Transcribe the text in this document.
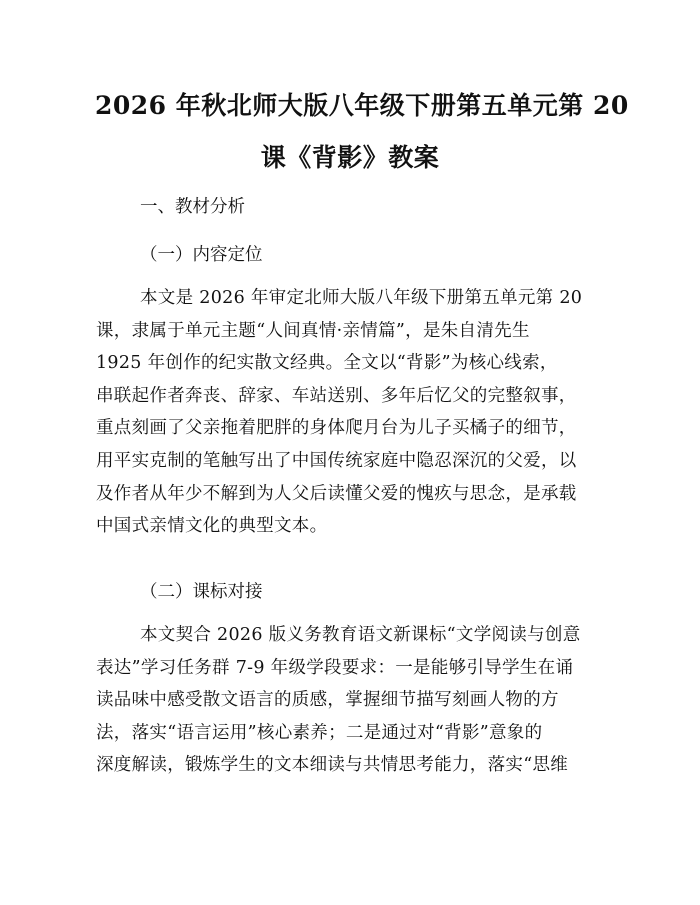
2026 年秋北师大版八年级下册第五单元第 20
课《背影》教案
一、教材分析
（一）内容定位
本文是 2026 年审定北师大版八年级下册第五单元第 20
课，隶属于单元主题“人间真情·亲情篇”，是朱自清先生
1925 年创作的纪实散文经典。全文以“背影”为核心线索，
串联起作者奔丧、辞家、车站送别、多年后忆父的完整叙事，
重点刻画了父亲拖着肥胖的身体爬月台为儿子买橘子的细节，
用平实克制的笔触写出了中国传统家庭中隐忍深沉的父爱，以
及作者从年少不解到为人父后读懂父爱的愧疚与思念，是承载
中国式亲情文化的典型文本。
（二）课标对接
本文契合 2026 版义务教育语文新课标“文学阅读与创意
表达”学习任务群 7-9 年级学段要求：一是能够引导学生在诵
读品味中感受散文语言的质感，掌握细节描写刻画人物的方
法，落实“语言运用”核心素养；二是通过对“背影”意象的
深度解读，锻炼学生的文本细读与共情思考能力，落实“思维
